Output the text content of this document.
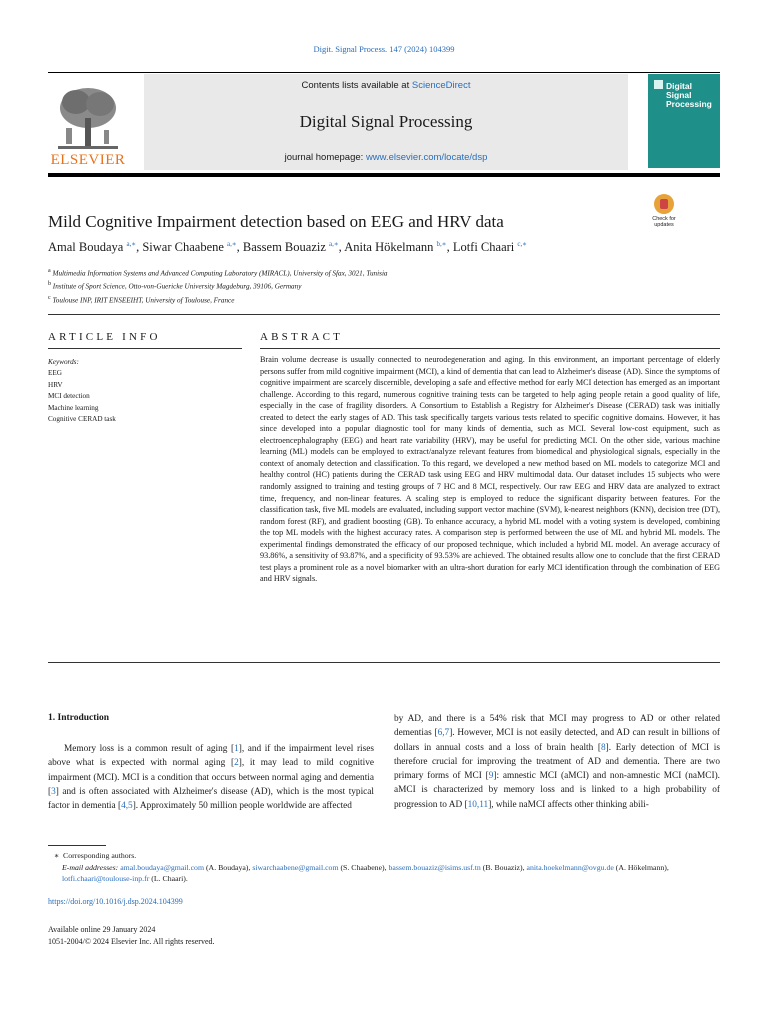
Digit. Signal Process. 147 (2024) 104399
ELSEVIER
Contents lists available at ScienceDirect
Digital Signal Processing
journal homepage: www.elsevier.com/locate/dsp
Digital
Signal
Processing
Mild Cognitive Impairment detection based on EEG and HRV data	Check for updates
Amal Boudaya $^{a,∗}$, Siwar Chaabene $^{a,∗}$, Bassem Bouaziz $^{a,∗}$, Anita Hökelmann $^{b,∗}$, Lotfi Chaari $^{c,∗}$
$^a$ Multimedia Information Systems and Advanced Computing Laboratory (MIRACL), University of Sfax, 3021, Tunisia
$^b$ Institute of Sport Science, Otto-von-Guericke University Magdeburg, 39106, Germany
$^c$ Toulouse INP, IRIT ENSEEIHT, University of Toulouse, France
ARTICLE INFO
Keywords:
EEG
HRV
MCI detection
Machine learning
Cognitive CERAD task
ABSTRACT
Brain volume decrease is usually connected to neurodegeneration and aging. In this environment, an important percentage of elderly persons suffer from mild cognitive impairment (MCI), a kind of dementia that can lead to Alzheimer's disease (AD). Since the symptoms of cognitive impairment are scarcely discernible, developing a safe and effective method for early MCI detection has emerged as an important challenge. According to this regard, numerous cognitive training tests can be targeted to help aging people retain a good quality of life, especially in the case of fragility disorders. A Consortium to Establish a Registry for Alzheimer's Disease (CERAD) task was initially created to detect the early stages of AD. This task specifically targets various tests related to specific cognitive domains. However, it has since developed into a popular diagnostic tool for many kinds of dementia, such as MCI. Several low-cost equipment, such as electroencephalography (EEG) and heart rate variability (HRV), may be useful for predicting MCI. On the other side, various machine learning (ML) models can be employed to extract/analyze relevant features from biomedical and physiological signals, especially in the context of anomaly detection and classification. To this regard, we developed a new method based on ML models to categorize MCI and healthy control (HC) patients during the CERAD task using EEG and HRV multimodal data. Our dataset includes 15 subjects who were randomly assigned to training and testing groups of 7 HC and 8 MCI, respectively. Our raw EEG and HRV data are analyzed to extract time, frequency, and non-linear features. A scaling step is employed to reduce the significant disparity between features. For the classification task, five ML models are evaluated, including support vector machine (SVM), k-nearest neighbors (KNN), decision tree (DT), random forest (RF), and gradient boosting (GB). To enhance accuracy, a hybrid ML model with a voting system is developed, combining the top ML models with the highest accuracy rates. A comparison step is performed between the use of ML and hybrid ML models. The experimental findings demonstrated the efficacy of our proposed technique, which included a hybrid ML model. An average accuracy of 93.86%, a sensitivity of 93.87%, and a specificity of 93.53% are achieved. The obtained results allow one to conclude that the first CERAD test plays a prominent role as a novel biomarker with an ultra-short duration for early MCI identification through the combination of EEG and HRV signals.
1. Introduction
Memory loss is a common result of aging [1], and if the impairment level rises above what is expected with normal aging [2], it may lead to mild cognitive impairment (MCI). MCI is a condition that occurs between normal aging and dementia [3] and is often associated with Alzheimer's disease (AD), which is the most typical factor in dementia [4,5]. Approximately 50 million people worldwide are affected
by AD, and there is a 54% risk that MCI may progress to AD or other related dementias [6,7]. However, MCI is not easily detected, and AD can result in billions of dollars in annual costs and a loss of brain health [8]. Early detection of MCI is therefore crucial for improving the treatment of AD and dementia. There are two primary forms of MCI [9]: amnestic MCI (aMCI) and non-amnestic MCI (naMCI). aMCI is characterized by memory loss and is linked to a high probability of progression to AD [10,11], while naMCI affects other thinking abili-
∗  Corresponding authors.
E-mail addresses: amal.boudaya@gmail.com (A. Boudaya), siwarchaabene@gmail.com (S. Chaabene), bassem.bouaziz@isims.usf.tn (B. Bouaziz), anita.hoekelmann@ovgu.de (A. Hökelmann), lotfi.chaari@toulouse-inp.fr (L. Chaari).
https://doi.org/10.1016/j.dsp.2024.104399
Available online 29 January 2024
1051-2004/© 2024 Elsevier Inc. All rights reserved.
